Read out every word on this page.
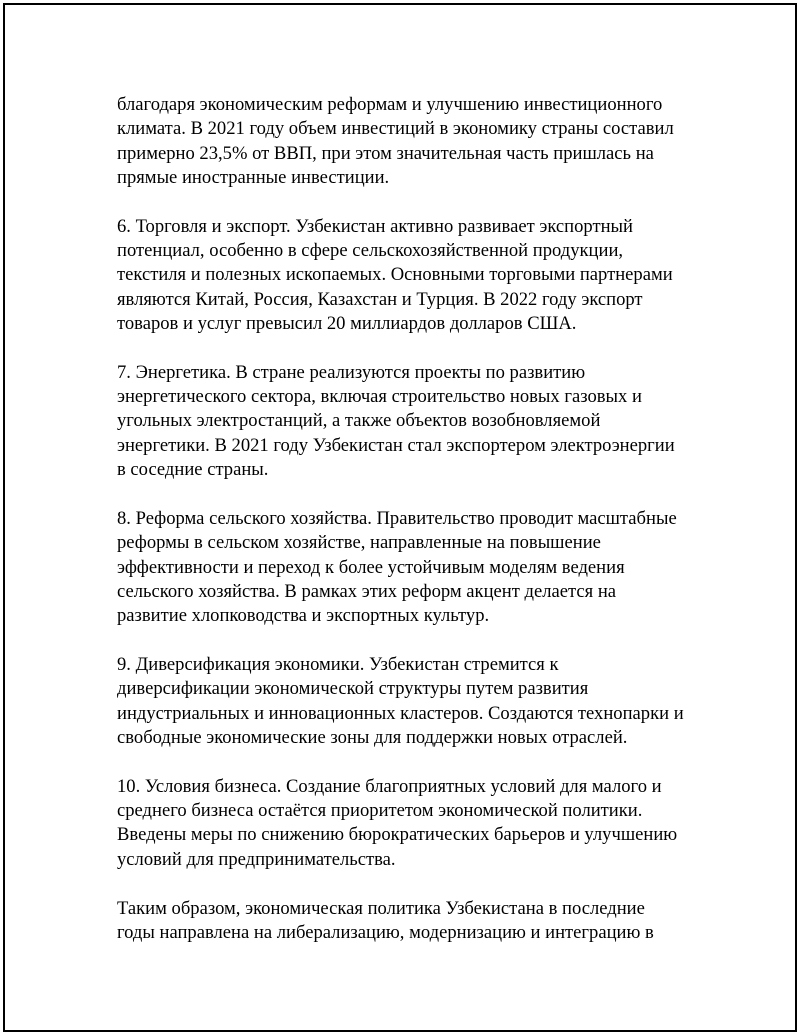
благодаря экономическим реформам и улучшению инвестиционного
климата. В 2021 году объем инвестиций в экономику страны составил
примерно 23,5% от ВВП, при этом значительная часть пришлась на
прямые иностранные инвестиции.

6. Торговля и экспорт. Узбекистан активно развивает экспортный
потенциал, особенно в сфере сельскохозяйственной продукции,
текстиля и полезных ископаемых. Основными торговыми партнерами
являются Китай, Россия, Казахстан и Турция. В 2022 году экспорт
товаров и услуг превысил 20 миллиардов долларов США.

7. Энергетика. В стране реализуются проекты по развитию
энергетического сектора, включая строительство новых газовых и
угольных электростанций, а также объектов возобновляемой
энергетики. В 2021 году Узбекистан стал экспортером электроэнергии
в соседние страны.

8. Реформа сельского хозяйства. Правительство проводит масштабные
реформы в сельском хозяйстве, направленные на повышение
эффективности и переход к более устойчивым моделям ведения
сельского хозяйства. В рамках этих реформ акцент делается на
развитие хлопководства и экспортных культур.

9. Диверсификация экономики. Узбекистан стремится к
диверсификации экономической структуры путем развития
индустриальных и инновационных кластеров. Создаются технопарки и
свободные экономические зоны для поддержки новых отраслей.

10. Условия бизнеса. Создание благоприятных условий для малого и
среднего бизнеса остаётся приоритетом экономической политики.
Введены меры по снижению бюрократических барьеров и улучшению
условий для предпринимательства.

Таким образом, экономическая политика Узбекистана в последние
годы направлена на либерализацию, модернизацию и интеграцию в
